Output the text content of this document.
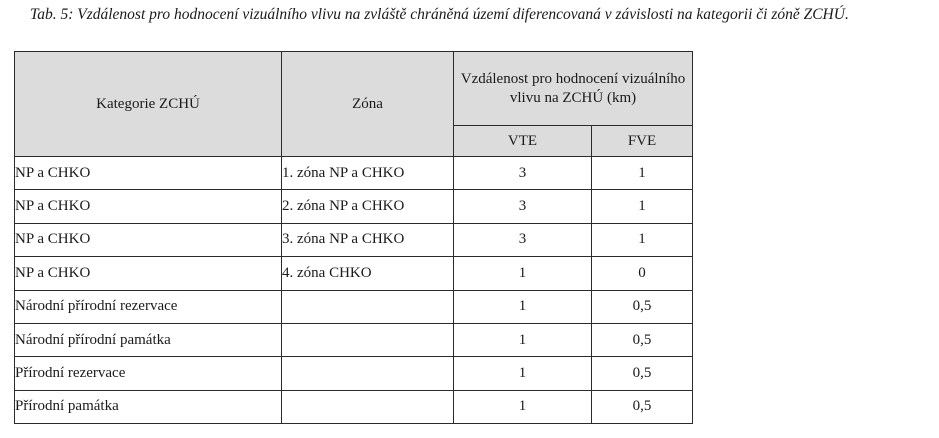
Tab. 5: Vzdálenost pro hodnocení vizuálního vlivu na zvláště chráněná území diferencovaná v závislosti na kategorii či zóně ZCHÚ.
Kategorie ZCHÚ	Zóna	Vzdálenost pro hodnocení vizuálního vlivu na ZCHÚ (km)	
		VTE	FVE
NP a CHKO	1. zóna NP a CHKO	3	1
NP a CHKO	2. zóna NP a CHKO	3	1
NP a CHKO	3. zóna NP a CHKO	3	1
NP a CHKO	4. zóna CHKO	1	0
Národní přírodní rezervace		1	0,5
Národní přírodní památka		1	0,5
Přírodní rezervace		1	0,5
Přírodní památka		1	0,5
